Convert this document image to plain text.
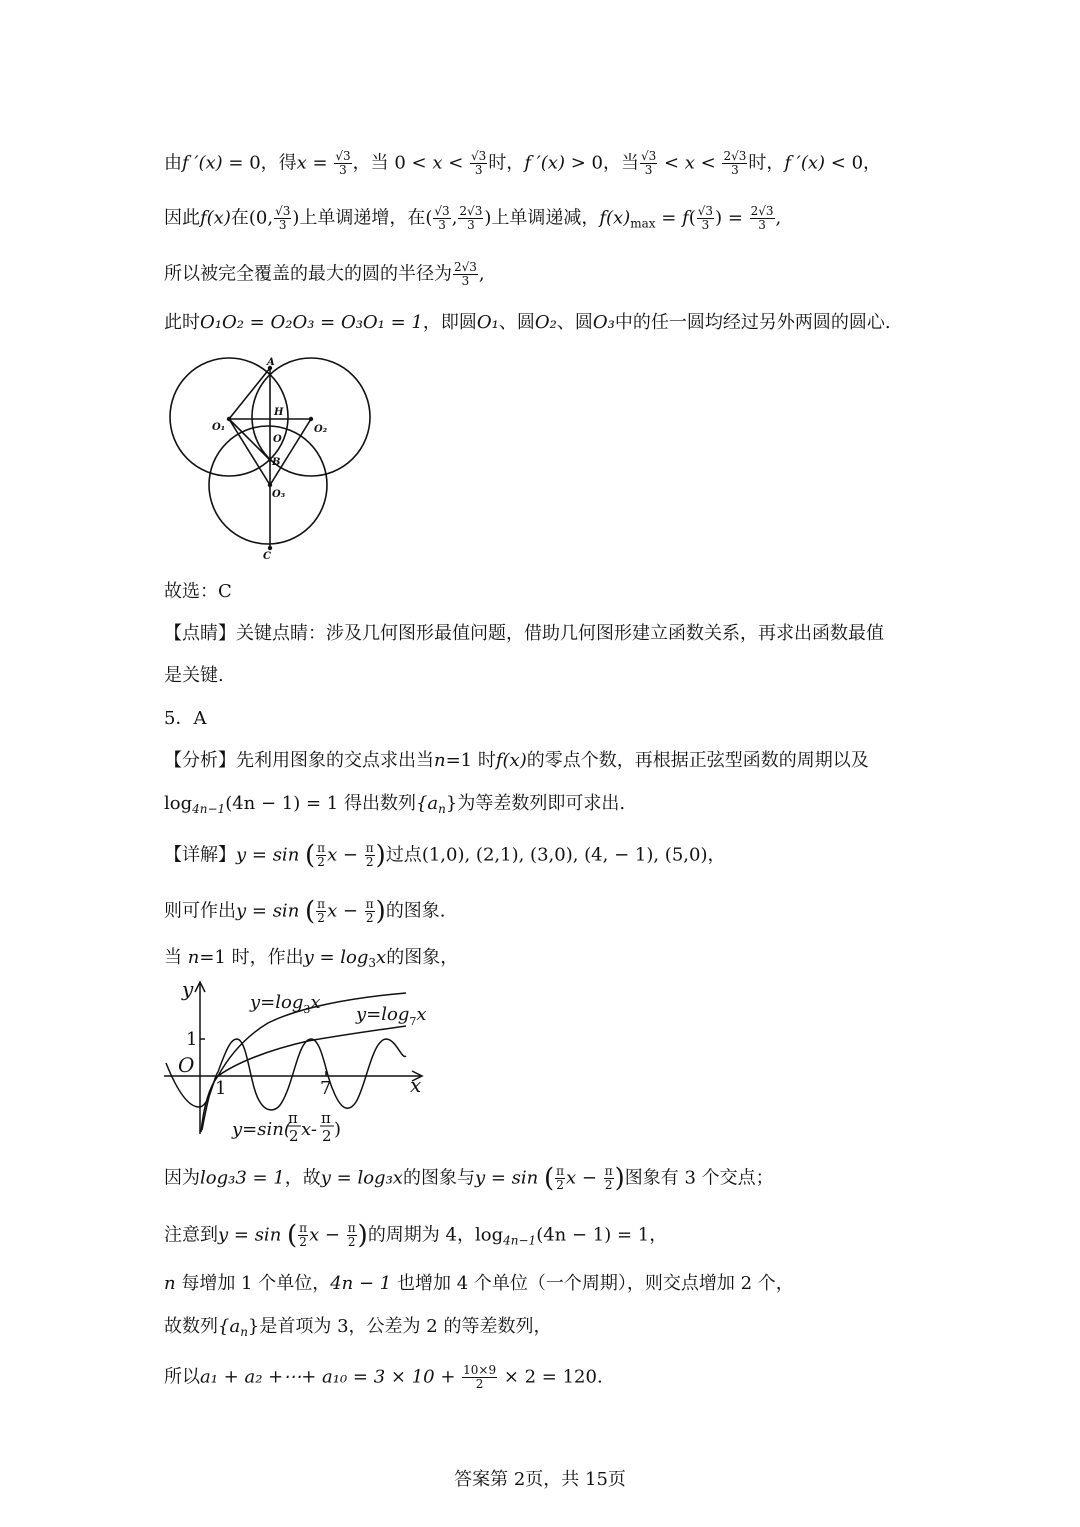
由f ′(x) = 0，得$x = \frac{√3}{3}$ ，当 $0 < x < \frac{√3}{3}$ 时，f ′(x) > 0，当 $\frac{√3}{3} < x < \frac{2√3}{3}$ 时，f ′(x) < 0，
因此f(x)在(0, $\frac{√3}{3}$ )上单调递增，在( $\frac{√3}{3}$ , $\frac{2√3}{3}$ )上单调递减，$f(x)_{max} = f( \frac{√3}{3}$ ) = $\frac{2√3}{3}$ ,
所以被完全覆盖的最大的圆的半径为 $\frac{2√3}{3}$ ,
此时O₁O₂ = O₂O₃ = O₃O₁ = 1，即圆O₁、圆O₂、圆O₃中的任一圆均经过另外两圆的圆心.
A
H
O₁	O₂
O
B
O₃
C
故选：C
【点睛】关键点睛：涉及几何图形最值问题，借助几何图形建立函数关系，再求出函数最值
是关键.
5．A
【分析】先利用图象的交点求出当n=1 时f(x)的零点个数，再根据正弦型函数的周期以及
$\log_{4n-1}(4n - 1) = 1$ 得出数列$\{a_n\}$为等差数列即可求出.
【详解】y = sin ( $\frac{\pi}{2}$ $x - \frac{\pi}{2}$ )过点(1,0), (2,1), (3,0), (4, − 1), (5,0)，
则可作出y = sin ( $\frac{\pi}{2}$ $x - \frac{\pi}{2}$ )的图象.
当 n=1 时，作出$y = \log_3x$的图象，
y
x
O
1
1	7
$y=\log_3x$
$y=\log_7x$
y=sin(
π
2 x-
π
2 )
因为log₃3 = 1，故y = log₃x的图象与y = sin ( $\frac{\pi}{2}$ $x - \frac{\pi}{2}$ )图象有 3 个交点；
注意到y = sin ( $\frac{\pi}{2}$ $x - \frac{\pi}{2}$ )的周期为 4，$\log_{4n-1}(4n - 1) = 1$，
n 每增加 1 个单位，4n − 1 也增加 4 个单位（一个周期），则交点增加 2 个，
故数列$\{a_n\}$是首项为 3，公差为 2 的等差数列，
所以a₁ + a₂ +⋯+ $a_{10} = 3 \times 10 + \frac{10\times 9}{2} \times 2 = 120$.
答案第 2页，共 15页
